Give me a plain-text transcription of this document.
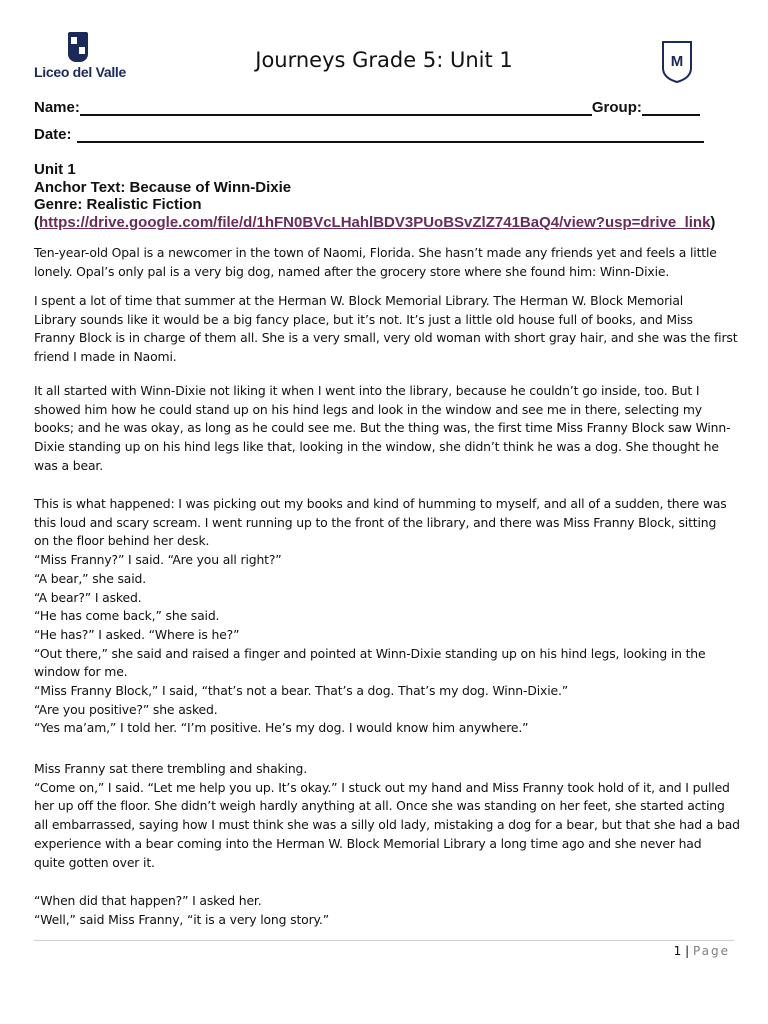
Liceo del Valle	Journeys Grade 5: Unit 1	M
Name:	Group:
Date:
Unit 1
Anchor Text: Because of Winn-Dixie
Genre: Realistic Fiction
(https://drive.google.com/file/d/1hFN0BVcLHahlBDV3PUoBSvZlZ741BaQ4/view?usp=drive_link)

Ten-year-old Opal is a newcomer in the town of Naomi, Florida. She hasn’t made any friends yet and feels a little

lonely. Opal’s only pal is a very big dog, named after the grocery store where she found him: Winn-Dixie.

I spent a lot of time that summer at the Herman W. Block Memorial Library. The Herman W. Block Memorial

Library sounds like it would be a big fancy place, but it’s not. It’s just a little old house full of books, and Miss

Franny Block is in charge of them all. She is a very small, very old woman with short gray hair, and she was the first

friend I made in Naomi.

It all started with Winn-Dixie not liking it when I went into the library, because he couldn’t go inside, too. But I

showed him how he could stand up on his hind legs and look in the window and see me in there, selecting my

books; and he was okay, as long as he could see me. But the thing was, the first time Miss Franny Block saw Winn-

Dixie standing up on his hind legs like that, looking in the window, she didn’t think he was a dog. She thought he

was a bear.

This is what happened: I was picking out my books and kind of humming to myself, and all of a sudden, there was

this loud and scary scream. I went running up to the front of the library, and there was Miss Franny Block, sitting

on the floor behind her desk.

“Miss Franny?” I said. “Are you all right?”

“A bear,” she said.

“A bear?” I asked.

“He has come back,” she said.

“He has?” I asked. “Where is he?”

“Out there,” she said and raised a finger and pointed at Winn-Dixie standing up on his hind legs, looking in the

window for me.

“Miss Franny Block,” I said, “that’s not a bear. That’s a dog. That’s my dog. Winn-Dixie.”

“Are you positive?” she asked.

“Yes ma’am,” I told her. “I’m positive. He’s my dog. I would know him anywhere.”

Miss Franny sat there trembling and shaking.

“Come on,” I said. “Let me help you up. It’s okay.” I stuck out my hand and Miss Franny took hold of it, and I pulled

her up off the floor. She didn’t weigh hardly anything at all. Once she was standing on her feet, she started acting

all embarrassed, saying how I must think she was a silly old lady, mistaking a dog for a bear, but that she had a bad

experience with a bear coming into the Herman W. Block Memorial Library a long time ago and she never had

quite gotten over it.

“When did that happen?” I asked her.

“Well,” said Miss Franny, “it is a very long story.”

1 | Page
